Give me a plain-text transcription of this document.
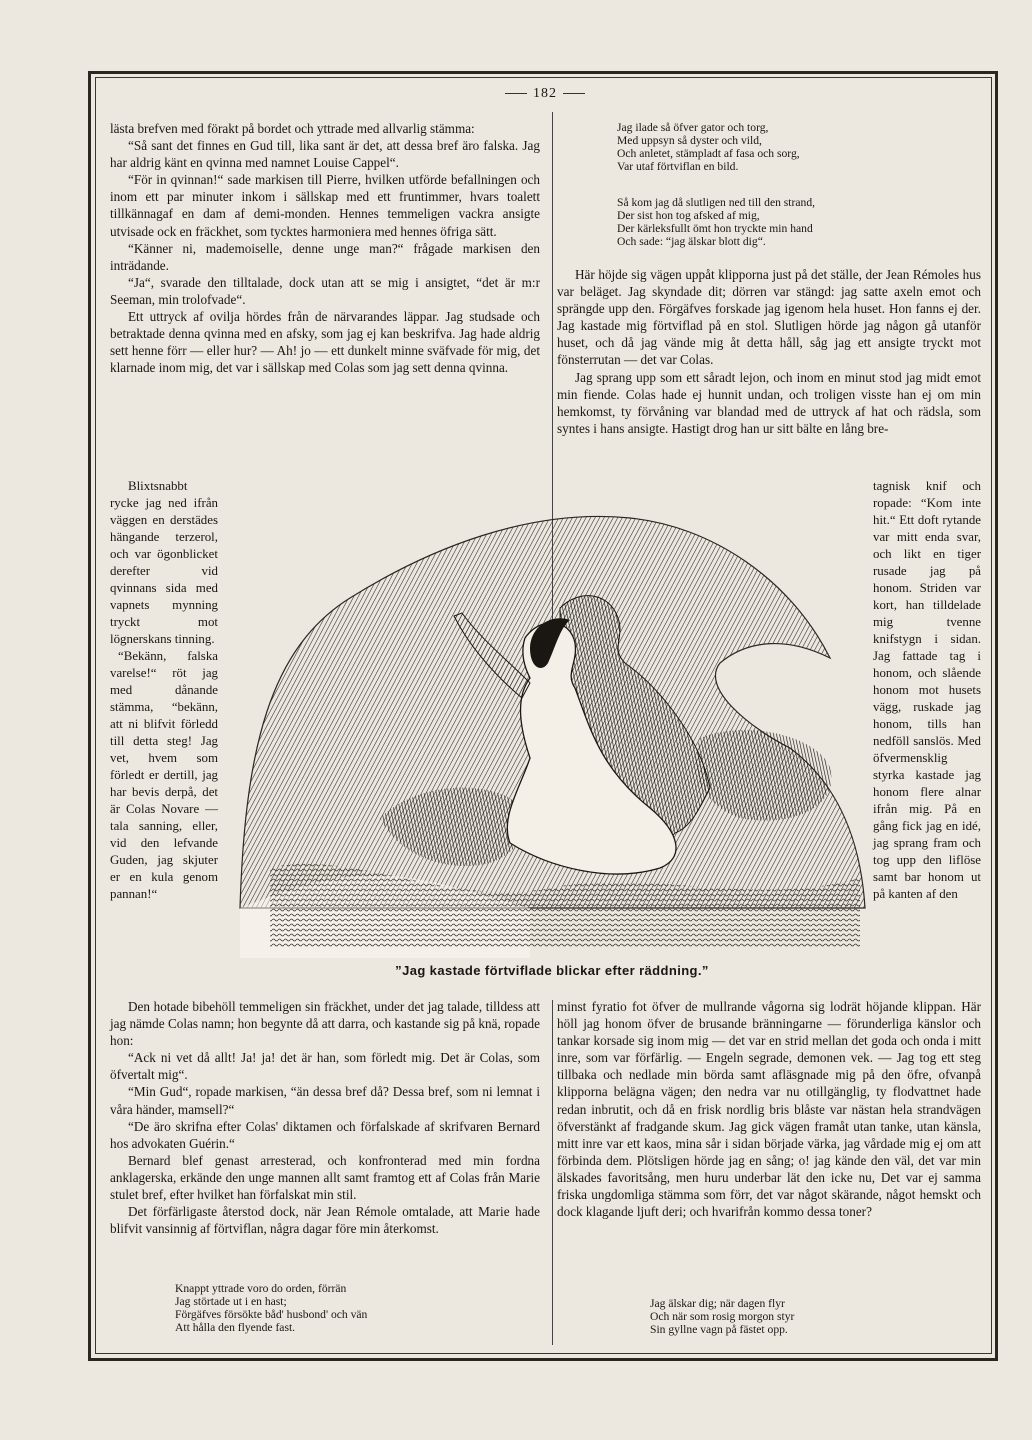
182

lästa brefven med förakt på bordet och yttrade med allvarlig stämma:

“Så sant det finnes en Gud till, lika sant är det, att dessa bref äro falska. Jag har aldrig känt en qvinna med namnet Louise Cappel“.

“För in qvinnan!“ sade markisen till Pierre, hvilken utförde befallningen och inom ett par minuter inkom i sällskap med ett fruntimmer, hvars toalett tillkännagaf en dam af demi-monden. Hennes temmeligen vackra ansigte utvisade ock en fräckhet, som tycktes harmoniera med hennes öfriga sätt.

“Känner ni, mademoiselle, denne unge man?“ frågade markisen den inträdande.

“Ja“, svarade den tilltalade, dock utan att se mig i ansigtet, “det är m:r Seeman, min trolofvade“.

Ett uttryck af ovilja hördes från de närvarandes läppar. Jag studsade och betraktade denna qvinna med en afsky, som jag ej kan beskrifva. Jag hade aldrig sett henne förr — eller hur? — Ah! jo — ett dunkelt minne sväfvade för mig, det klarnade inom mig, det var i sällskap med Colas som jag sett denna qvinna.

Blixtsnabbt rycke jag ned ifrån väggen en derstädes hängande terzerol, och var ögonblicket derefter vid qvinnans sida med vapnets mynning tryckt mot lögnerskans tinning.

“Bekänn, falska varelse!“ röt jag med dånande stämma, “bekänn, att ni blifvit förledd till detta steg! Jag vet, hvem som förledt er dertill, jag har bevis derpå, det är Colas Novare — tala sanning, eller, vid den lefvande Guden, jag skjuter er en kula genom pannan!“

”Jag kastade förtviflade blickar efter räddning.”

Den hotade bibehöll temmeligen sin fräckhet, under det jag talade, tilldess att jag nämde Colas namn; hon begynte då att darra, och kastande sig på knä, ropade hon:

“Ack ni vet då allt! Ja! ja! det är han, som förledt mig. Det är Colas, som öfvertalt mig“.

“Min Gud“, ropade markisen, “än dessa bref då? Dessa bref, som ni lemnat i våra händer, mamsell?“

“De äro skrifna efter Colas' diktamen och förfalskade af skrifvaren Bernard hos advokaten Guérin.“

Bernard blef genast arresterad, och konfronterad med min fordna anklagerska, erkände den unge mannen allt samt framtog ett af Colas från Marie stulet bref, efter hvilket han förfalskat min stil.

Det förfärligaste återstod dock, när Jean Rémole omtalade, att Marie hade blifvit vansinnig af förtviflan, några dagar före min återkomst.

Knappt yttrade voro do orden, förrän
Jag störtade ut i en hast;
Förgäfves försökte båd' husbond' och vän
Att hålla den flyende fast.
Jag ilade så öfver gator och torg,
Med uppsyn så dyster och vild,
Och anletet, stämpladt af fasa och sorg,
Var utaf förtviflan en bild.
Så kom jag då slutligen ned till den strand,
Der sist hon tog afsked af mig,
Der kärleksfullt ömt hon tryckte min hand
Och sade: “jag älskar blott dig“.

Här höjde sig vägen uppåt klipporna just på det ställe, der Jean Rémoles hus var beläget. Jag skyndade dit; dörren var stängd: jag satte axeln emot och sprängde upp den. Förgäfves forskade jag igenom hela huset. Hon fanns ej der. Jag kastade mig förtviflad på en stol. Slutligen hörde jag någon gå utanför huset, och då jag vände mig åt detta håll, såg jag ett ansigte tryckt mot fönsterrutan — det var Colas.

Jag sprang upp som ett såradt lejon, och inom en minut stod jag midt emot min fiende. Colas hade ej hunnit undan, och troligen visste han ej om min hemkomst, ty förvåning var blandad med de uttryck af hat och rädsla, som syntes i hans ansigte. Hastigt drog han ur sitt bälte en lång bre-

tagnisk knif och ropade: “Kom inte hit.“ Ett doft rytande var mitt enda svar, och likt en tiger rusade jag på honom. Striden var kort, han tilldelade mig tvenne knifstygn i sidan. Jag fattade tag i honom, och slående honom mot husets vägg, ruskade jag honom, tills han nedföll sanslös. Med öfvermensklig styrka kastade jag honom flere alnar ifrån mig. På en gång fick jag en idé, jag sprang fram och tog upp den liflöse samt bar honom ut på kanten af den

minst fyratio fot öfver de mullrande vågorna sig lodrät höjande klippan. Här höll jag honom öfver de brusande bränningarne — förunderliga känslor och tankar korsade sig inom mig — det var en strid mellan det goda och onda i mitt inre, som var förfärlig. — Engeln segrade, demonen vek. — Jag tog ett steg tillbaka och nedlade min börda samt afläsgnade mig på den öfre, ofvanpå klipporna belägna vägen; den nedra var nu otillgänglig, ty flodvattnet hade redan inbrutit, och då en frisk nordlig bris blåste var nästan hela strandvägen öfverstänkt af fradgande skum. Jag gick vägen framåt utan tanke, utan känsla, mitt inre var ett kaos, mina sår i sidan började värka, jag vårdade mig ej om att förbinda dem. Plötsligen hörde jag en sång; o! jag kände den väl, det var min älskades favoritsång, men huru underbar lät den icke nu, Det var ej samma friska ungdomliga stämma som förr, det var något skärande, något hemskt och dock klagande ljuft deri; och hvarifrån kommo dessa toner?

Jag älskar dig; när dagen flyr
Och när som rosig morgon styr
Sin gyllne vagn på fästet opp.
